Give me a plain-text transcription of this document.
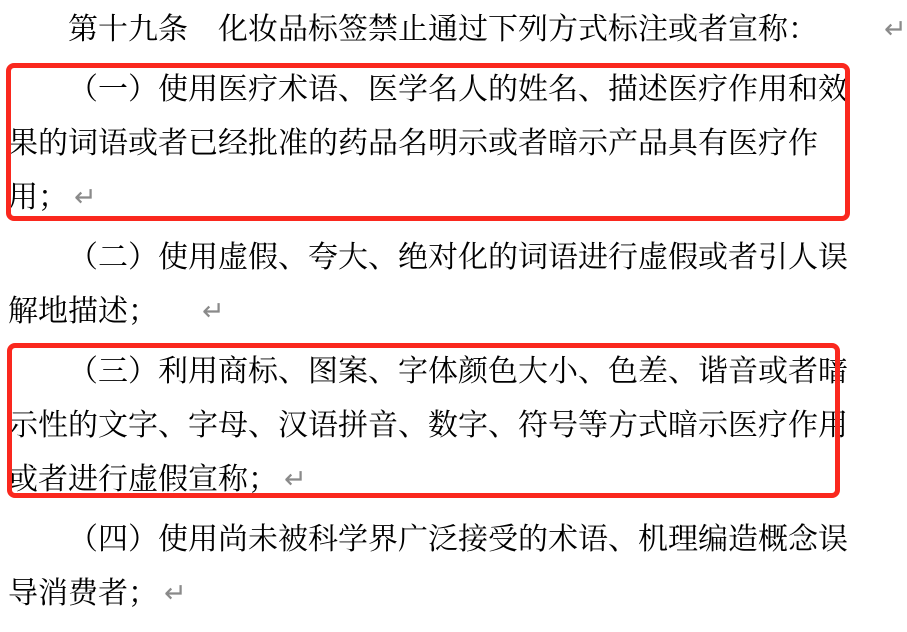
第十九条　化妆品标签禁止通过下列方式标注或者宣称： ↵
（一）使用医疗术语、医学名人的姓名、描述医疗作用和效
果的词语或者已经批准的药品名明示或者暗示产品具有医疗作
用； ↵
（二）使用虚假、夸大、绝对化的词语进行虚假或者引人误
解地描述； ↵
（三）利用商标、图案、字体颜色大小、色差、谐音或者暗
示性的文字、字母、汉语拼音、数字、符号等方式暗示医疗作用
或者进行虚假宣称； ↵
（四）使用尚未被科学界广泛接受的术语、机理编造概念误
导消费者； ↵
